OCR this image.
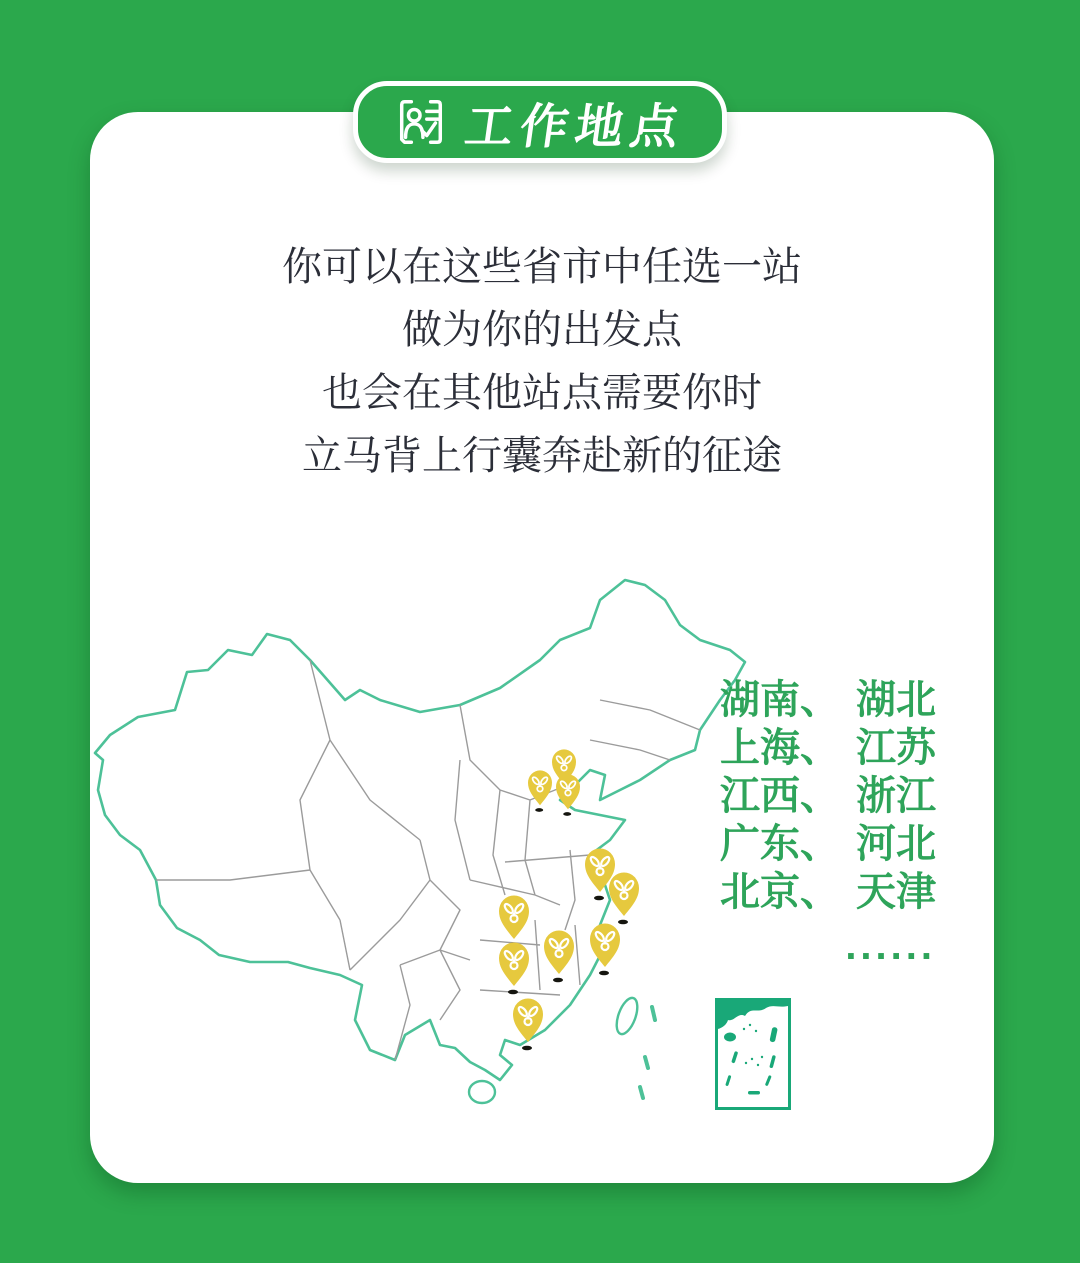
工作地点
你可以在这些省市中任选一站
做为你的出发点
也会在其他站点需要你时
立马背上行囊奔赴新的征途
湖南、 湖北
上海、 江苏
江西、 浙江
广东、 河北
北京、 天津
......
